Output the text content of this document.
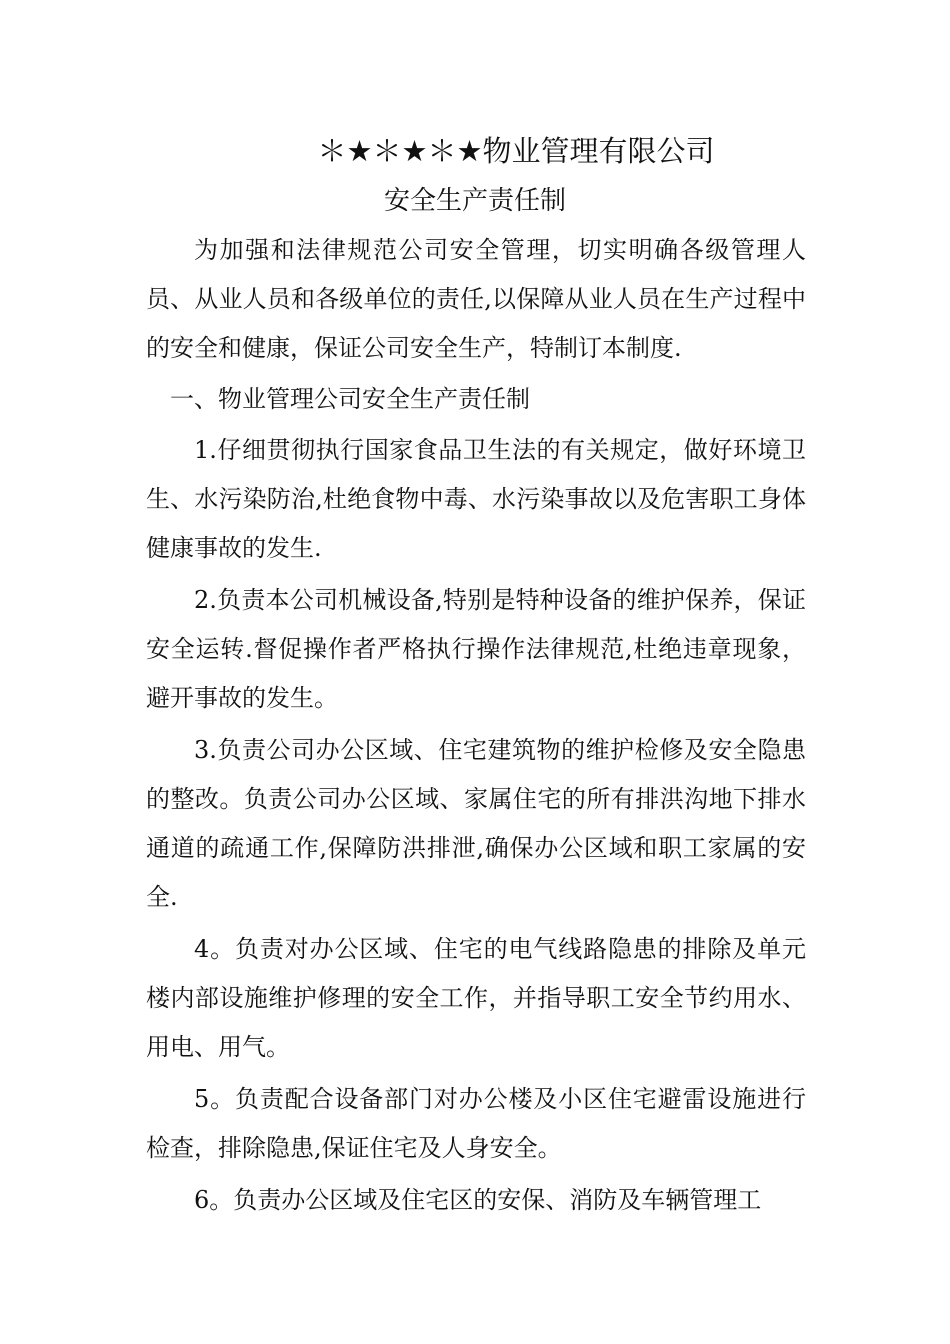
＊★＊★＊★物业管理有限公司
安全生产责任制

为加强和法律规范公司安全管理，切实明确各级管理人员、从业人员和各级单位的责任,以保障从业人员在生产过程中的安全和健康，保证公司安全生产，特制订本制度.

一、物业管理公司安全生产责任制

1.仔细贯彻执行国家食品卫生法的有关规定，做好环境卫生、水污染防治,杜绝食物中毒、水污染事故以及危害职工身体健康事故的发生.

2.负责本公司机械设备,特别是特种设备的维护保养，保证安全运转.督促操作者严格执行操作法律规范,杜绝违章现象，避开事故的发生。

3.负责公司办公区域、住宅建筑物的维护检修及安全隐患的整改。负责公司办公区域、家属住宅的所有排洪沟地下排水通道的疏通工作,保障防洪排泄,确保办公区域和职工家属的安全.

4。负责对办公区域、住宅的电气线路隐患的排除及单元楼内部设施维护修理的安全工作，并指导职工安全节约用水、用电、用气。

5。负责配合设备部门对办公楼及小区住宅避雷设施进行检查，排除隐患,保证住宅及人身安全。

6。负责办公区域及住宅区的安保、消防及车辆管理工
